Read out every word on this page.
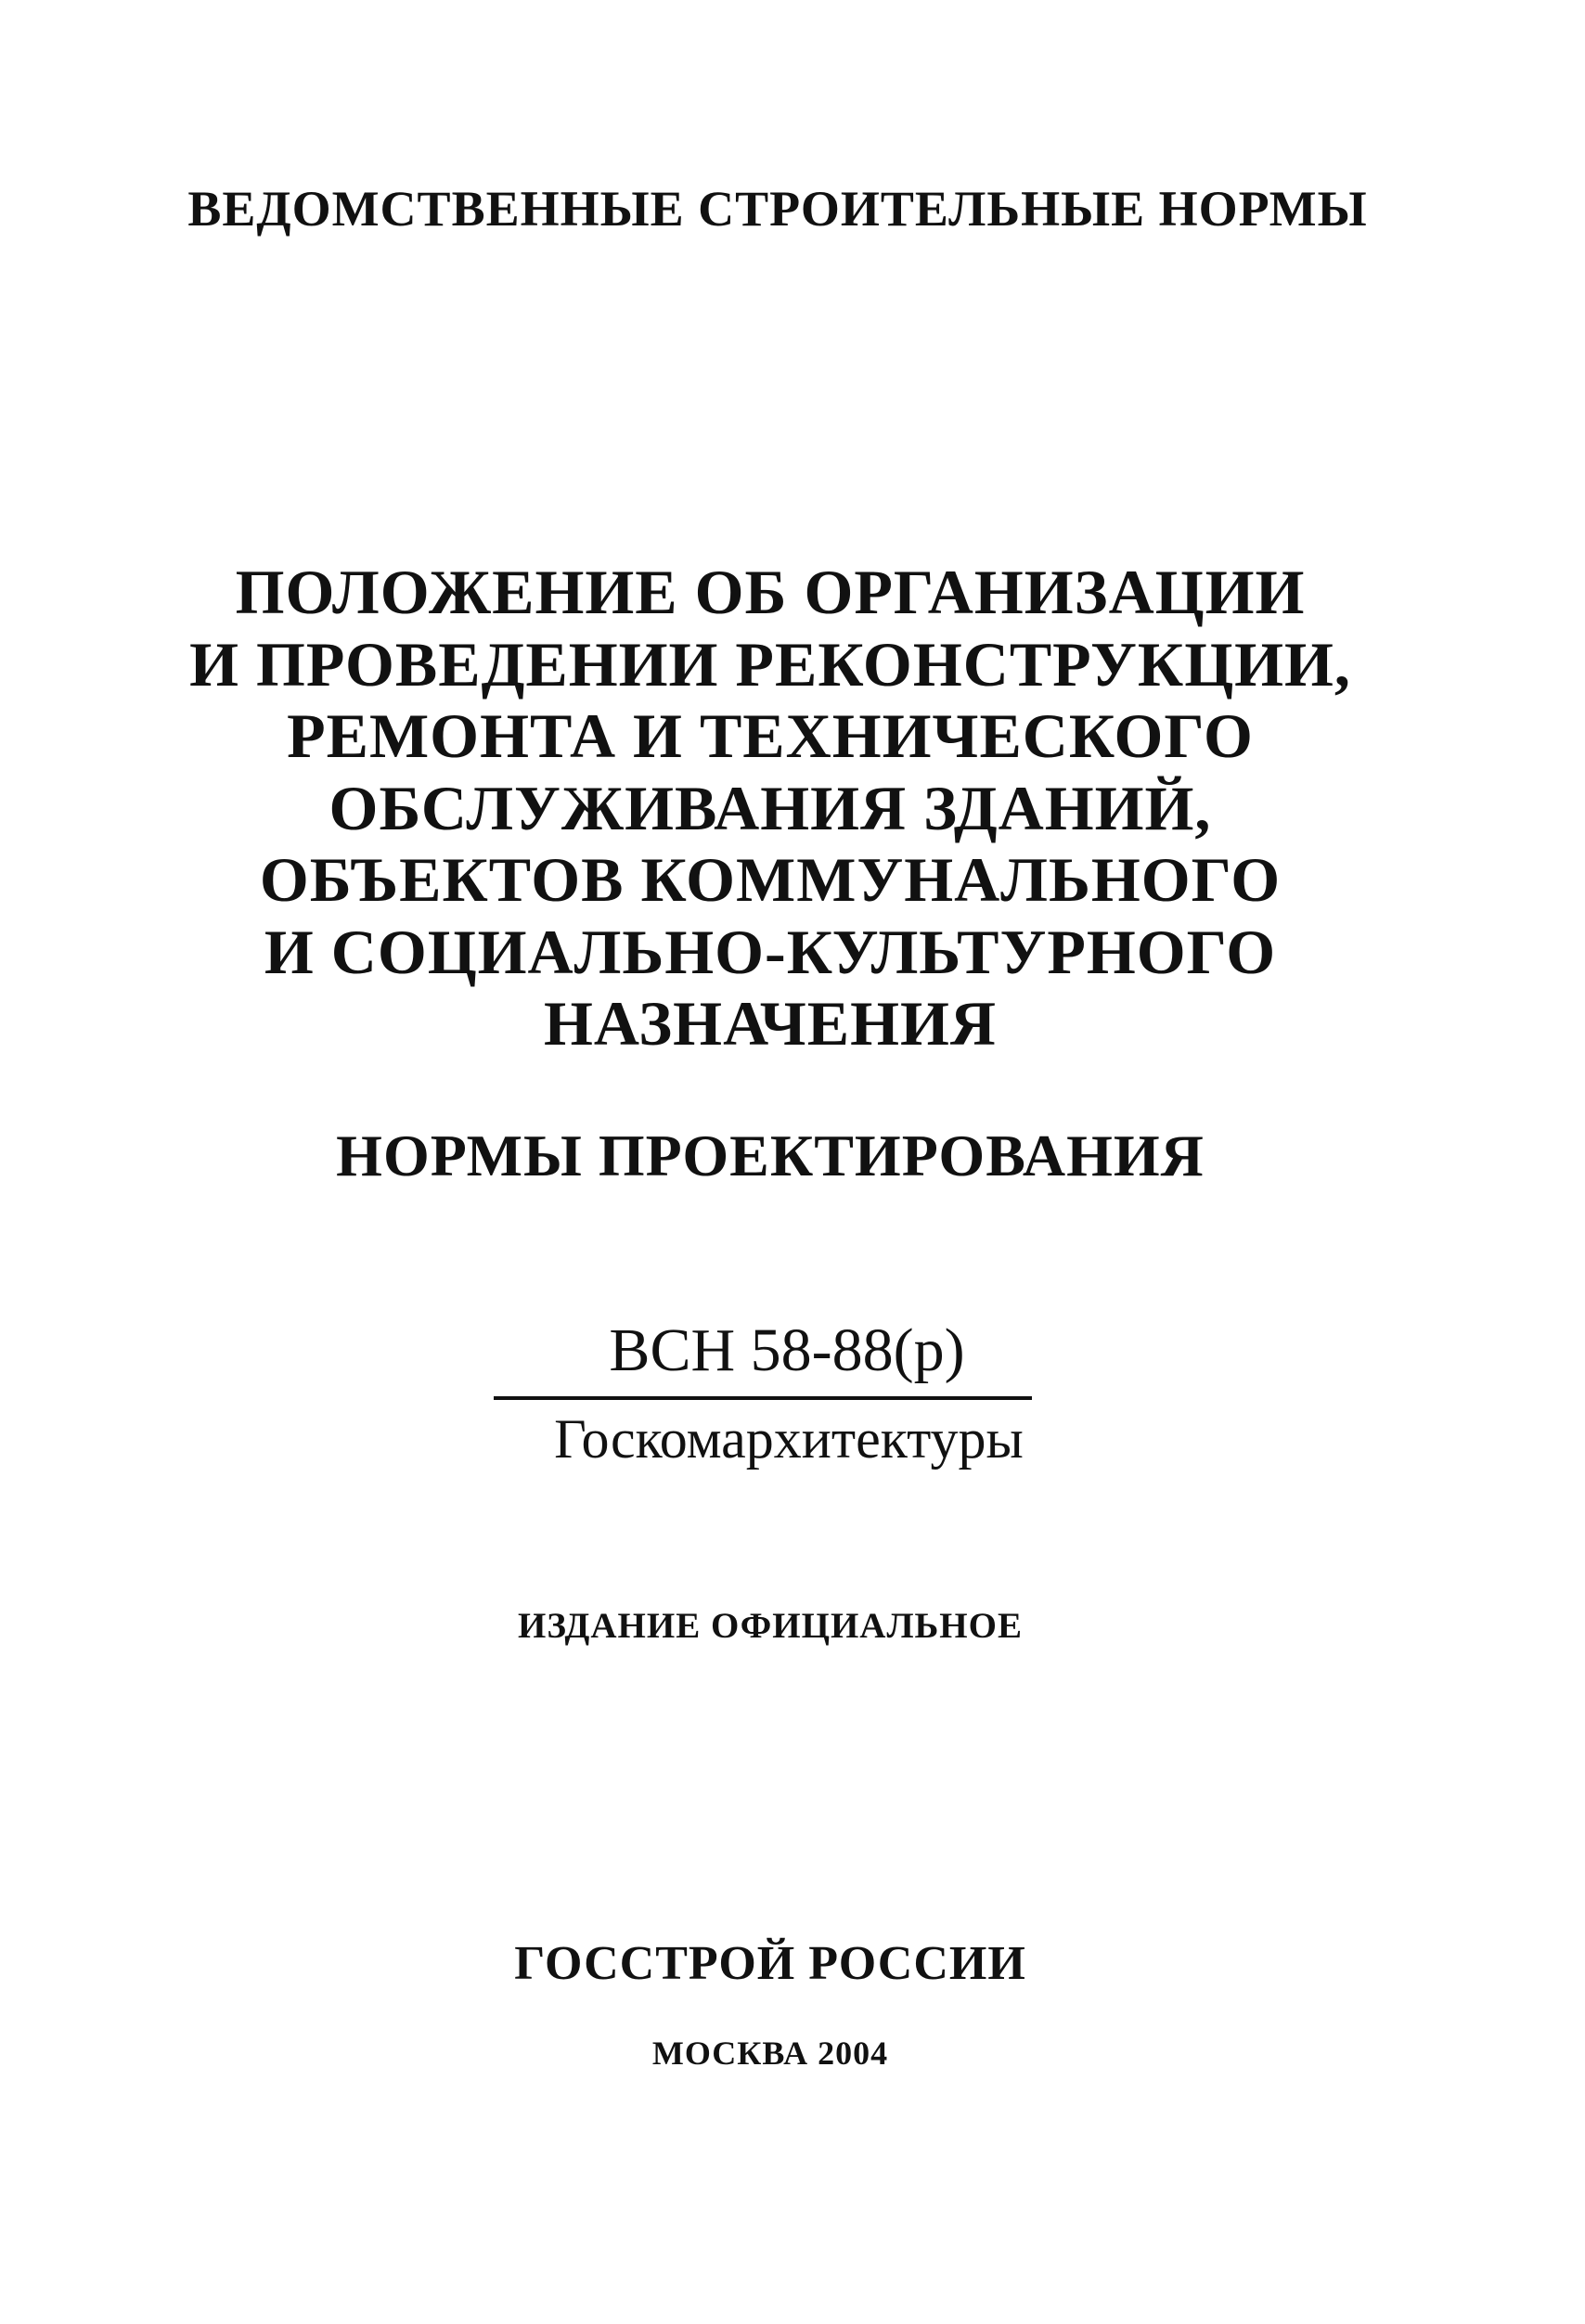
ВЕДОМСТВЕННЫЕ СТРОИТЕЛЬНЫЕ НОРМЫ
ПОЛОЖЕНИЕ ОБ ОРГАНИЗАЦИИ
И ПРОВЕДЕНИИ РЕКОНСТРУКЦИИ,
РЕМОНТА И ТЕХНИЧЕСКОГО
ОБСЛУЖИВАНИЯ ЗДАНИЙ,
ОБЪЕКТОВ КОММУНАЛЬНОГО
И СОЦИАЛЬНО-КУЛЬТУРНОГО
НАЗНАЧЕНИЯ
НОРМЫ ПРОЕКТИРОВАНИЯ
ВСН 58-88(р)
Госкомархитектуры
ИЗДАНИЕ ОФИЦИАЛЬНОЕ
ГОССТРОЙ РОССИИ
МОСКВА 2004
